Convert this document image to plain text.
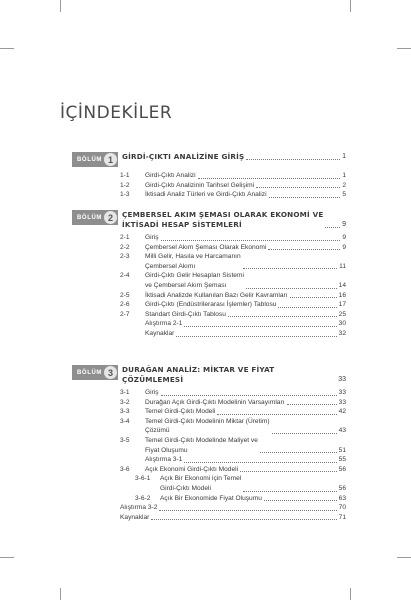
İÇİNDEKİLER
BÖLÜM 1	GİRDİ-ÇIKTI ANALİZİNE GİRİŞ	1
1-1	Girdi-Çıktı Analizi	1
1-2	Girdi-Çıktı Analizinin Tarihsel Gelişimi	2
1-3	İktisadi Analiz Türleri ve Girdi-Çıktı Analizi	5
BÖLÜM 2	ÇEMBERSEL AKIM ŞEMASI OLARAK EKONOMİ VE
İKTİSADİ HESAP SİSTEMLERİ	9
2-1	Giriş	9
2-2	Çembersel Akım Şeması Olarak Ekonomi	9
2-3	Milli Gelir, Hasıla ve Harcamanın
Çembersel Akımı	11
2-4	Girdi-Çıktı Gelir Hesapları Sistemi
ve Çembersel Akım Şeması	14
2-5	İktisadi Analizde Kullanılan Bazı Gelir Kavramları	16
2-6	Girdi-Çıktı (Endüstrilerarası İşlemler) Tablosu	17
2-7	Standart Girdi-Çıktı Tablosu	25
Alıştırma 2-1	30
Kaynaklar	32
BÖLÜM 3	DURAĞAN ANALİZ: MİKTAR VE FİYAT ÇÖZÜMLEMESİ	33
3-1	Giriş	33
3-2	Durağan Açık Girdi-Çıktı Modelinin Varsayımları	33
3-3	Temel Girdi-Çıktı Modeli	42
3-4	Temel Girdi-Çıktı Modelinin Miktar (Üretim)
Çözümü	43
3-5	Temel Girdi-Çıktı Modelinde Maliyet ve
Fiyat Oluşumu	51
Alıştırma 3-1	55
3-6	Açık Ekonomi Girdi-Çıktı Modeli	56
3-6-1	Açık Bir Ekonomi için Temel
Girdi-Çıktı Modeli	56
3-6-2	Açık Bir Ekonomide Fiyat Oluşumu	63
Alıştırma 3-2	70
Kaynaklar	71
